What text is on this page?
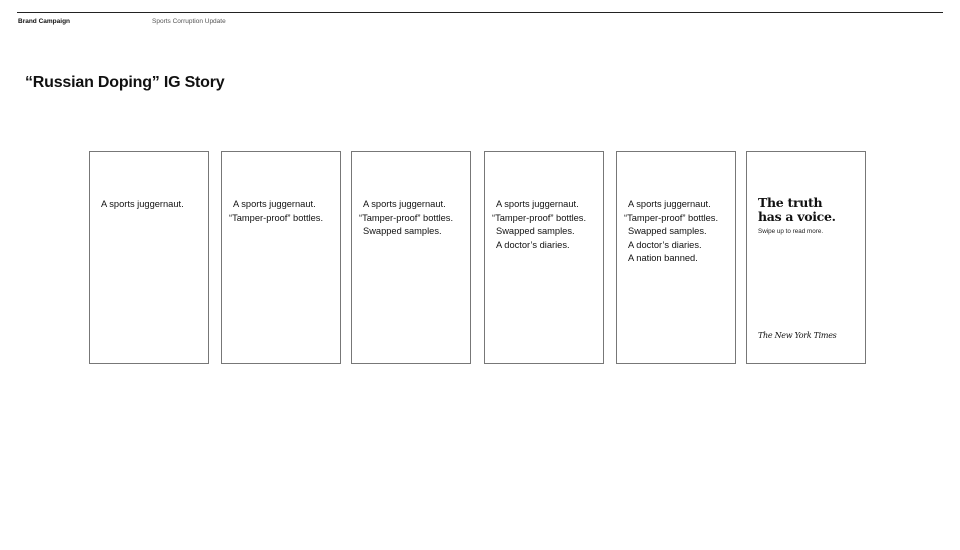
Brand Campaign	Sports Corruption Update
“Russian Doping” IG Story
A sports juggernaut.	A sports juggernaut.
“Tamper-proof” bottles.
A sports juggernaut.
“Tamper-proof” bottles.
Swapped samples.
A sports juggernaut.
“Tamper-proof” bottles.
Swapped samples.
A doctor’s diaries.
A sports juggernaut.
“Tamper-proof” bottles.
Swapped samples.
A doctor’s diaries.
A nation banned.
The truth
has a voice.
Swipe up to read more.
The New York Times
